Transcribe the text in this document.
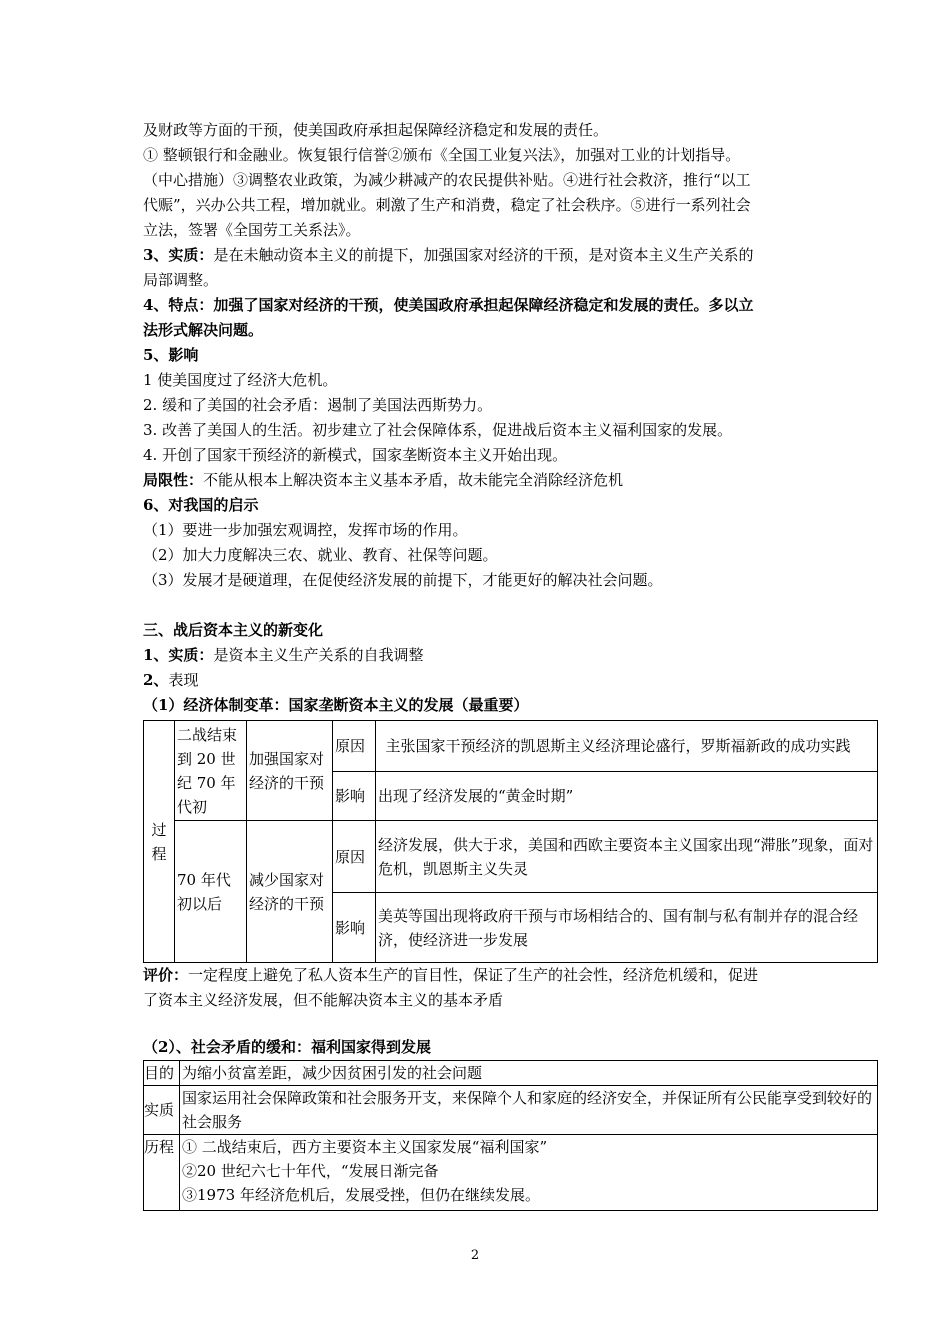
及财政等方面的干预，使美国政府承担起保障经济稳定和发展的责任。
① 整顿银行和金融业。恢复银行信誉②颁布《全国工业复兴法》，加强对工业的计划指导。
（中心措施）③调整农业政策，为减少耕减产的农民提供补贴。④进行社会救济，推行“以工
代赈”，兴办公共工程，增加就业。刺激了生产和消费，稳定了社会秩序。⑤进行一系列社会
立法，签署《全国劳工关系法》。
3、实质：是在未触动资本主义的前提下，加强国家对经济的干预，是对资本主义生产关系的
局部调整。
4、特点：加强了国家对经济的干预，使美国政府承担起保障经济稳定和发展的责任。多以立
法形式解决问题。
5、影响
1 使美国度过了经济大危机。
2. 缓和了美国的社会矛盾：遏制了美国法西斯势力。
3. 改善了美国人的生活。初步建立了社会保障体系，促进战后资本主义福利国家的发展。
4. 开创了国家干预经济的新模式，国家垄断资本主义开始出现。
局限性：不能从根本上解决资本主义基本矛盾，故未能完全消除经济危机
6、对我国的启示
（1）要进一步加强宏观调控，发挥市场的作用。
（2）加大力度解决三农、就业、教育、社保等问题。
（3）发展才是硬道理，在促使经济发展的前提下，才能更好的解决社会问题。
三、战后资本主义的新变化
1、实质：是资本主义生产关系的自我调整
2、表现
（1）经济体制变革：国家垄断资本主义的发展（最重要）
过程	二战结束到 20 世纪 70 年代初	加强国家对经济的干预	原因	主张国家干预经济的凯恩斯主义经济理论盛行，罗斯福新政的成功实践
			影响	出现了经济发展的“黄金时期”
	70 年代初以后	减少国家对经济的干预	原因	经济发展，供大于求，美国和西欧主要资本主义国家出现“滞胀”现象，面对危机，凯恩斯主义失灵
			影响	美英等国出现将政府干预与市场相结合的、国有制与私有制并存的混合经济，使经济进一步发展
评价：一定程度上避免了私人资本生产的盲目性，保证了生产的社会性，经济危机缓和，促进
了资本主义经济发展，但不能解决资本主义的基本矛盾
（2）、社会矛盾的缓和：福利国家得到发展
目的	为缩小贫富差距，减少因贫困引发的社会问题
实质	国家运用社会保障政策和社会服务开支，来保障个人和家庭的经济安全，并保证所有公民能享受到较好的社会服务
历程	① 二战结束后，西方主要资本主义国家发展“福利国家”
②20 世纪六七十年代，“发展日渐完备
③1973 年经济危机后，发展受挫，但仍在继续发展。
2
